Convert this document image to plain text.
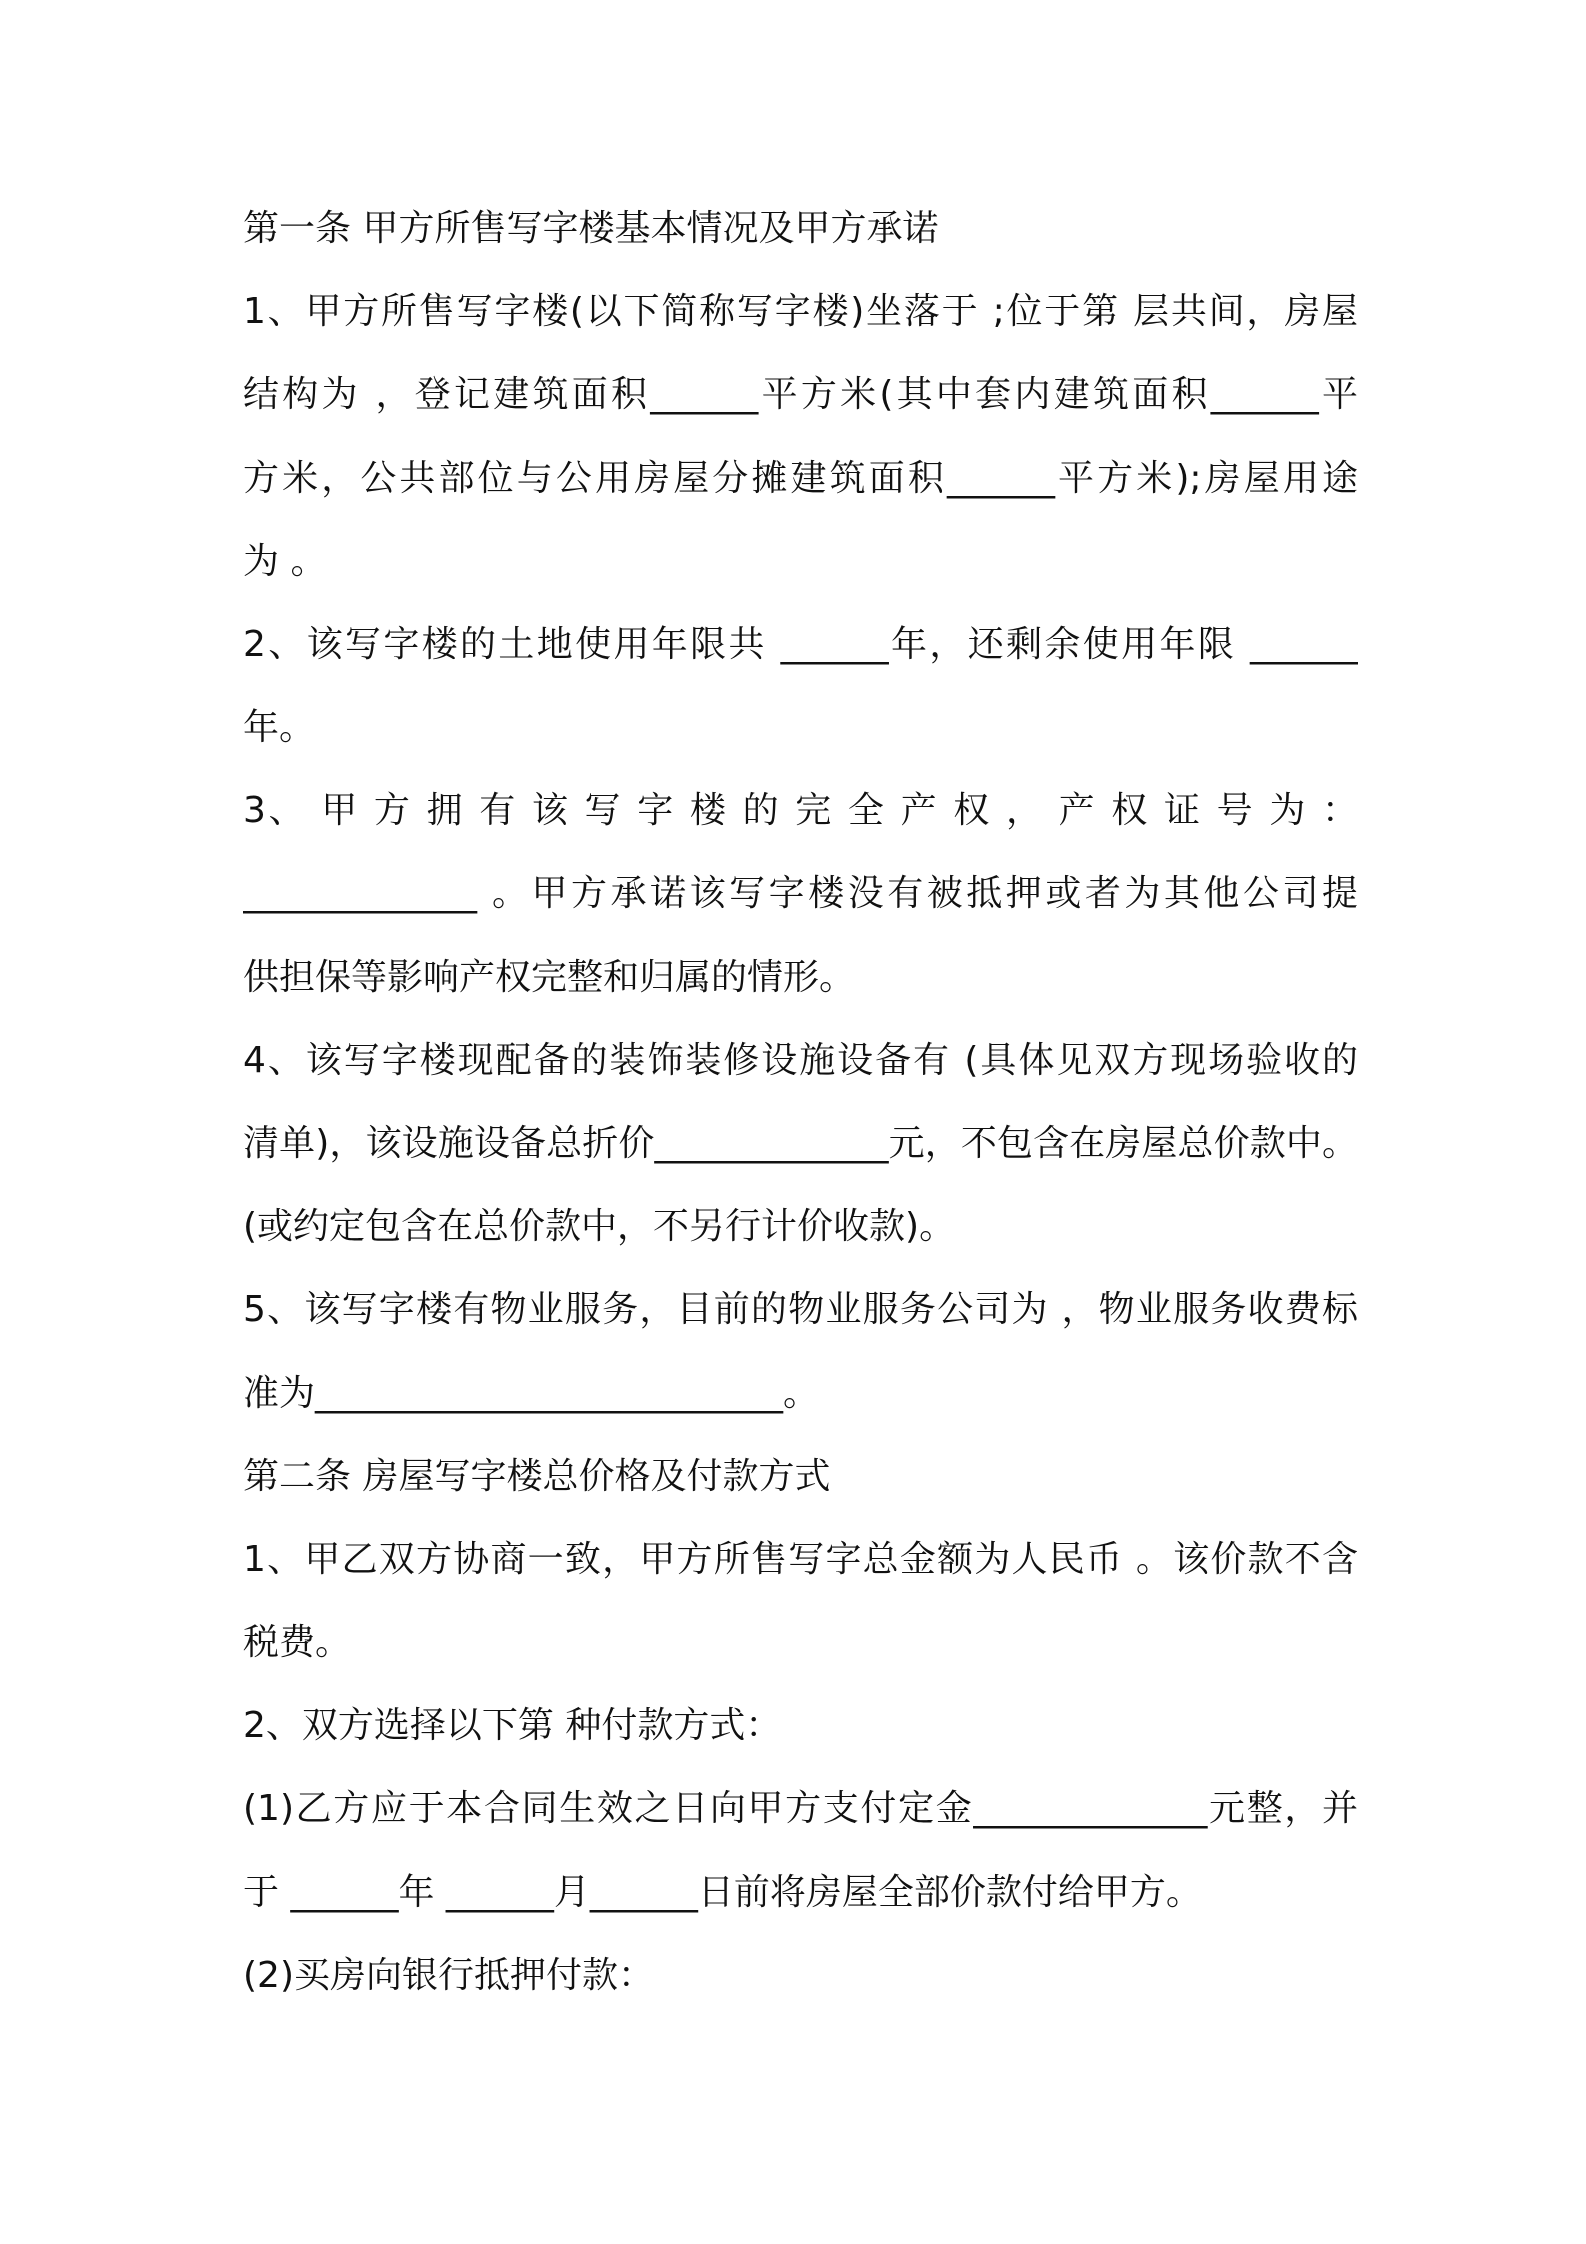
第一条 甲方所售写字楼基本情况及甲方承诺
1、甲方所售写字楼(以下简称写字楼)坐落于 ;位于第 层共间，房屋
结构为 ，登记建筑面积______平方米(其中套内建筑面积______平
方米，公共部位与公用房屋分摊建筑面积______平方米);房屋用途
为 。
2、该写字楼的土地使用年限共 ______年，还剩余使用年限 ______
年。
3、 甲 方 拥 有 该 写 字 楼 的 完 全 产 权 ， 产 权 证 号 为 ：
_____________ 。甲方承诺该写字楼没有被抵押或者为其他公司提
供担保等影响产权完整和归属的情形。
4、该写字楼现配备的装饰装修设施设备有 (具体见双方现场验收的
清单)，该设施设备总折价_____________元，不包含在房屋总价款中。
(或约定包含在总价款中，不另行计价收款)。
5、该写字楼有物业服务，目前的物业服务公司为 ，物业服务收费标
准为__________________________。
第二条 房屋写字楼总价格及付款方式
1、甲乙双方协商一致，甲方所售写字总金额为人民币 。该价款不含
税费。
2、双方选择以下第 种付款方式：
(1)乙方应于本合同生效之日向甲方支付定金_____________元整，并
于 ______年 ______月______日前将房屋全部价款付给甲方。
(2)买房向银行抵押付款：
